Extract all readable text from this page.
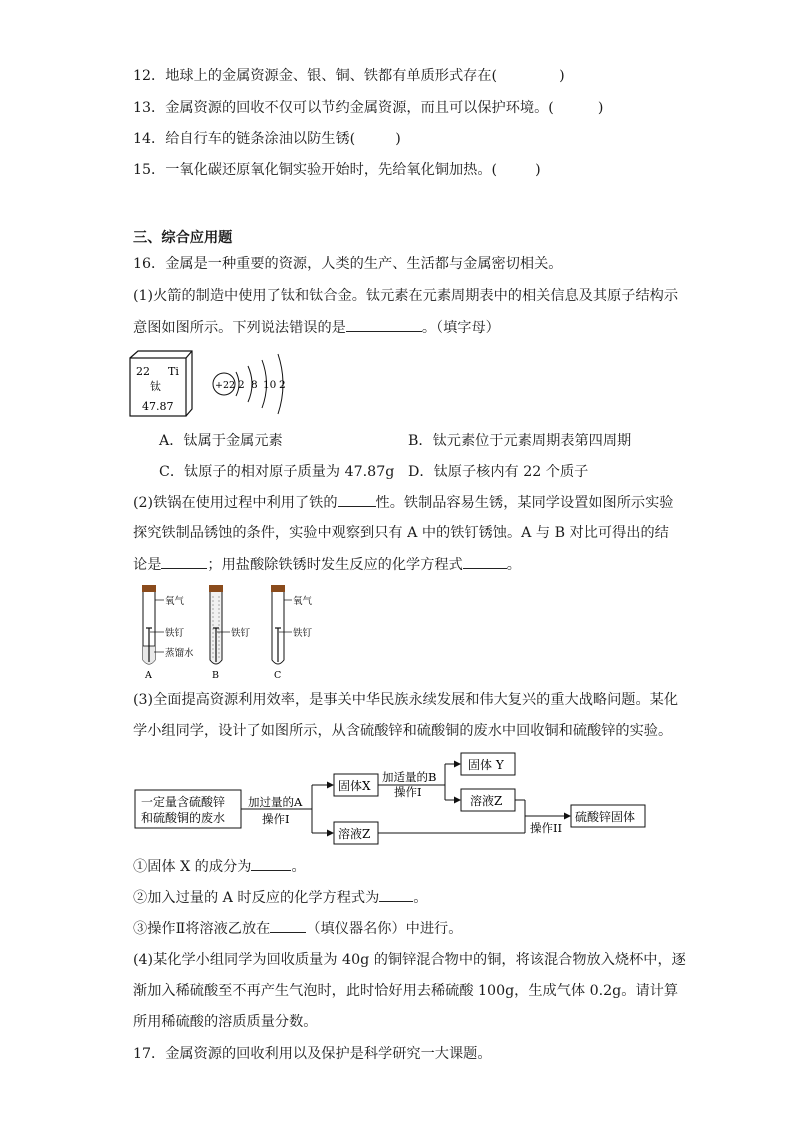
12．地球上的金属资源金、银、铜、铁都有单质形式存在(	)
13．金属资源的回收不仅可以节约金属资源，而且可以保护环境。(	)
14．给自行车的链条涂油以防生锈(	)
15．一氧化碳还原氧化铜实验开始时，先给氧化铜加热。(	)
三、综合应用题
16．金属是一种重要的资源，人类的生产、生活都与金属密切相关。
(1)火箭的制造中使用了钛和钛合金。钛元素在元素周期表中的相关信息及其原子结构示
意图如图所示。下列说法错误的是	。（填字母）
22 Ti
钛
47.87
+22 2 8 10 2
A．钛属于金属元素	B．钛元素位于元素周期表第四周期
C．钛原子的相对原子质量为 47.87g D．钛原子核内有 22 个质子
(2)铁锅在使用过程中利用了铁的	性。铁制品容易生锈，某同学设置如图所示实验
探究铁制品锈蚀的条件，实验中观察到只有 A 中的铁钉锈蚀。A 与 B 对比可得出的结
论是	；用盐酸除铁锈时发生反应的化学方程式	。
氧气
铁钉
蒸馏水
A
铁钉
B
氧气
铁钉
C
(3)全面提高资源利用效率，是事关中华民族永续发展和伟大复兴的重大战略问题。某化
学小组同学，设计了如图所示，从含硫酸锌和硫酸铜的废水中回收铜和硫酸锌的实验。
一定量含硫酸锌
和硫酸铜的废水
加过量的A
操作I
固体X
溶液Z
加适量的B
操作I
固体 Y
溶液Z
操作II
硫酸锌固体
①固体 X 的成分为	。
②加入过量的 A 时反应的化学方程式为 。
③操作Ⅱ将溶液乙放在	（填仪器名你）中进行。
(4)某化学小组同学为回收质量为 40g 的铜锌混合物中的铜，将该混合物放入烧杯中，逐
渐加入稀硫酸至不再产生气泡时，此时恰好用去稀硫酸 100g，生成气体 0.2g。请计算
所用稀硫酸的溶质质量分数。
17．金属资源的回收利用以及保护是科学研究一大课题。
